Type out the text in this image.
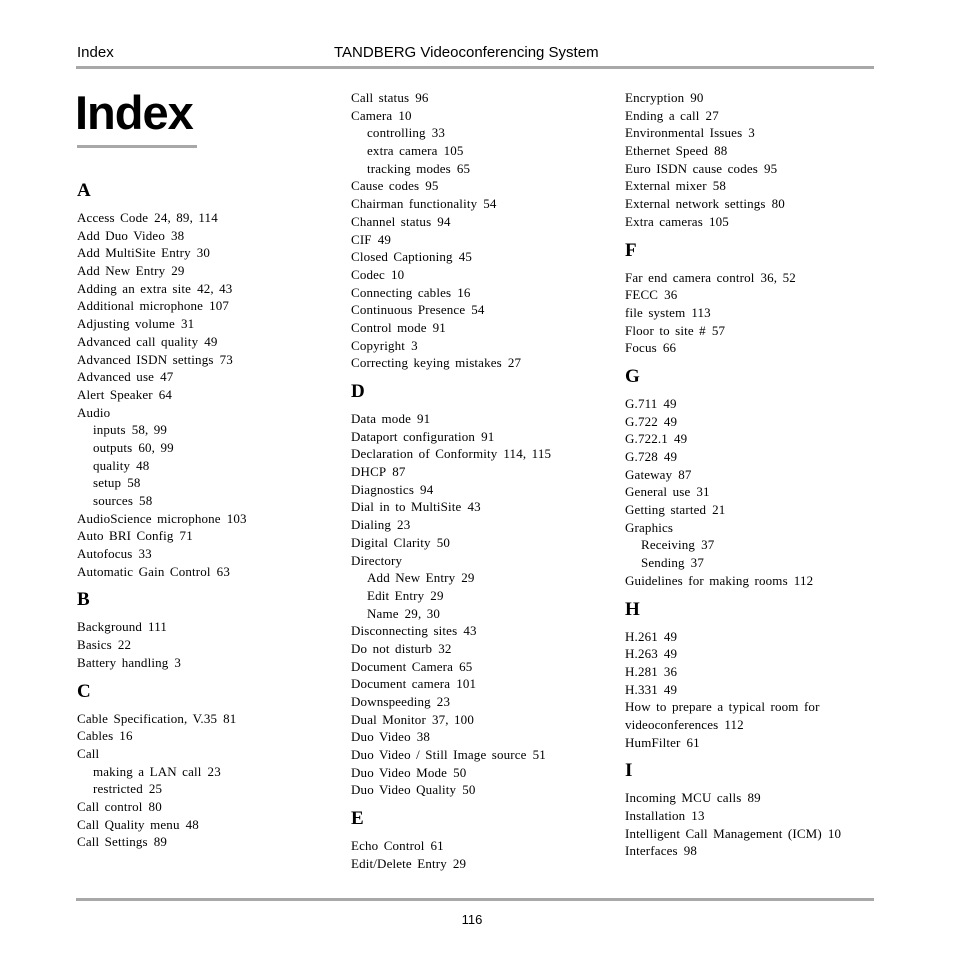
Index	TANDBERG Videoconferencing System
Index
A
Access Code 24, 89, 114
Add Duo Video 38
Add MultiSite Entry 30
Add New Entry 29
Adding an extra site 42, 43
Additional microphone 107
Adjusting volume 31
Advanced call quality 49
Advanced ISDN settings 73
Advanced use 47
Alert Speaker 64
Audio
inputs 58, 99
outputs 60, 99
quality 48
setup 58
sources 58
AudioScience microphone 103
Auto BRI Config 71
Autofocus 33
Automatic Gain Control 63
B
Background 111
Basics 22
Battery handling 3
C
Cable Specification, V.35 81
Cables 16
Call
making a LAN call 23
restricted 25
Call control 80
Call Quality menu 48
Call Settings 89
Call status 96
Camera 10
controlling 33
extra camera 105
tracking modes 65
Cause codes 95
Chairman functionality 54
Channel status 94
CIF 49
Closed Captioning 45
Codec 10
Connecting cables 16
Continuous Presence 54
Control mode 91
Copyright 3
Correcting keying mistakes 27
D
Data mode 91
Dataport configuration 91
Declaration of Conformity 114, 115
DHCP 87
Diagnostics 94
Dial in to MultiSite 43
Dialing 23
Digital Clarity 50
Directory
Add New Entry 29
Edit Entry 29
Name 29, 30
Disconnecting sites 43
Do not disturb 32
Document Camera 65
Document camera 101
Downspeeding 23
Dual Monitor 37, 100
Duo Video 38
Duo Video / Still Image source 51
Duo Video Mode 50
Duo Video Quality 50
E
Echo Control 61
Edit/Delete Entry 29
Encryption 90
Ending a call 27
Environmental Issues 3
Ethernet Speed 88
Euro ISDN cause codes 95
External mixer 58
External network settings 80
Extra cameras 105
F
Far end camera control 36, 52
FECC 36
file system 113
Floor to site # 57
Focus 66
G
G.711 49
G.722 49
G.722.1 49
G.728 49
Gateway 87
General use 31
Getting started 21
Graphics
Receiving 37
Sending 37
Guidelines for making rooms 112
H
H.261 49
H.263 49
H.281 36
H.331 49
How to prepare a typical room for videoconferences 112
HumFilter 61
I
Incoming MCU calls 89
Installation 13
Intelligent Call Management (ICM) 10
Interfaces 98
116
